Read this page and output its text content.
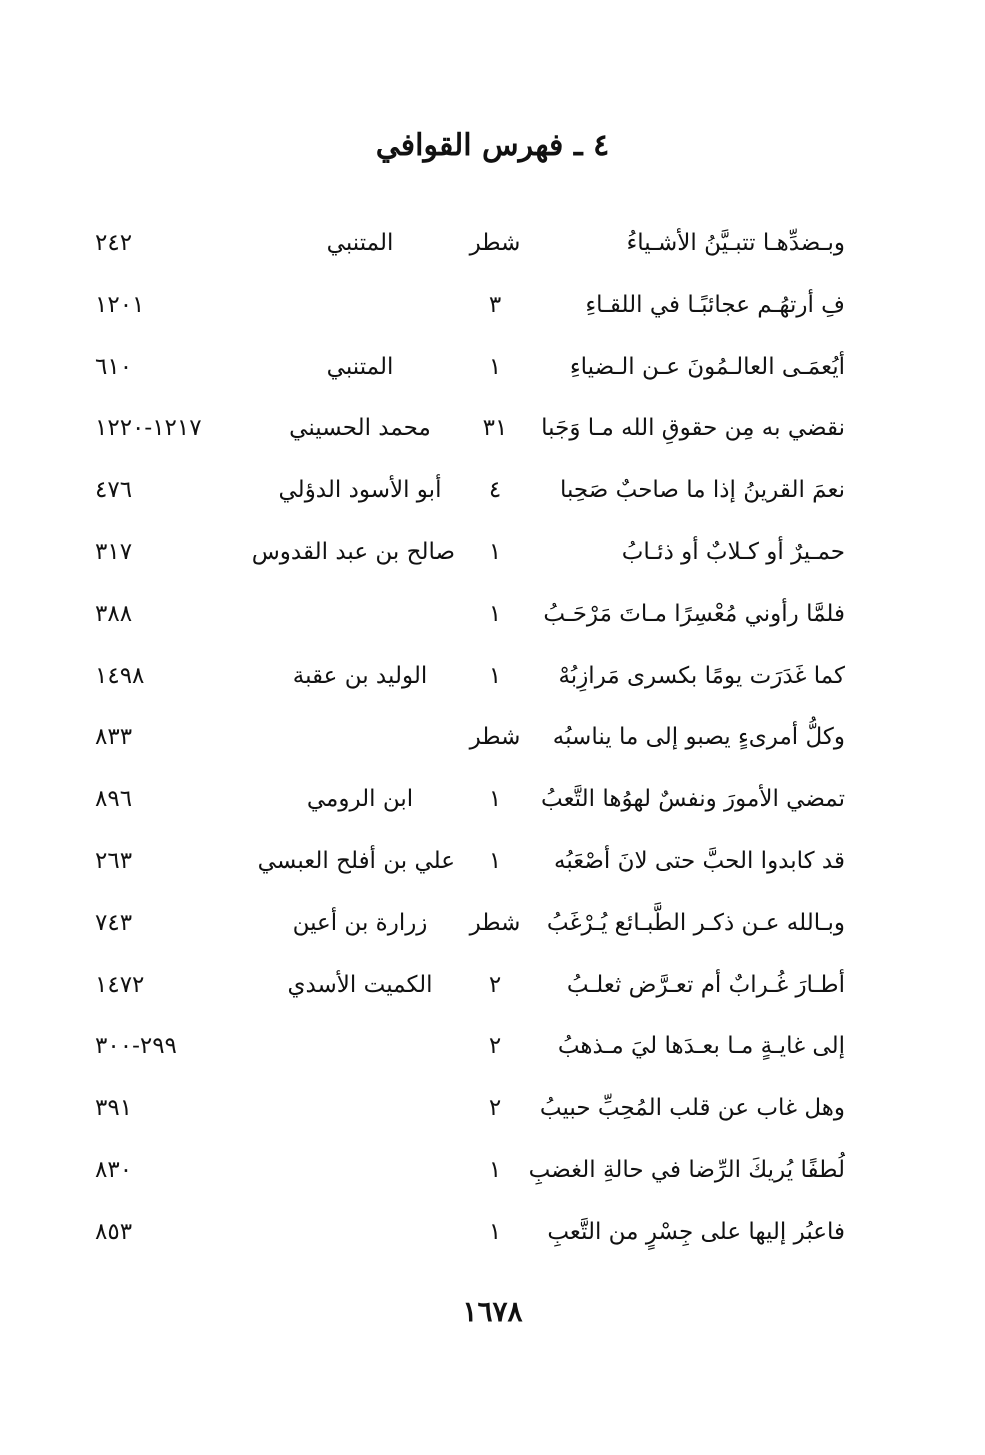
٤ ـ فهرس القوافي
وبـضدِّهـا تتبـيَّنُ الأشـياءُ
شطر
المتنبي
٢٤٢
فِ أرتهُـم عجائبًـا في اللقـاءِ
٣
١٢٠١
أيُعمَـى العالـمُونَ عـن الـضياءِ
١
المتنبي
٦١٠
نقضي به مِن حقوقِ الله مـا وَجَبا
٣١
محمد الحسيني
١٢١٧-١٢٢٠
نعمَ القرينُ إذا ما صاحبٌ صَحِبا
٤
أبو الأسود الدؤلي
٤٧٦
حمـيرٌ أو كـلابٌ أو ذئـابُ
١
صالح بن عبد القدوس
٣١٧
فلمَّا رأوني مُعْسِرًا مـاتَ مَرْحَـبُ
١
٣٨٨
كما غَدَرَت يومًا بكسرى مَرازِبُهْ
١
الوليد بن عقبة
١٤٩٨
وكلُّ أمرىءٍ يصبو إلى ما يناسبُه
شطر
٨٣٣
تمضي الأمورَ ونفسٌ لهوُها التَّعبُ
١
ابن الرومي
٨٩٦
قد كابدوا الحبَّ حتى لانَ أصْعَبُه
١
علي بن أفلح العبسي
٢٦٣
وبـالله عـن ذكـر الطَّبـائع يُـرْغَبُ
شطر
زرارة بن أعين
٧٤٣
أطـارَ غُـرابٌ أم تعـرَّض ثعلـبُ
٢
الكميت الأسدي
١٤٧٢
إلى غايـةٍ مـا بعـدَها ليَ مـذهبُ
٢
٢٩٩-٣٠٠
وهل غاب عن قلب المُحِبِّ حبيبُ
٢
٣٩١
لُطفًا يُريكَ الرِّضا في حالةِ الغضبِ
١
٨٣٠
فاعبُر إليها على جِسْرٍ من التَّعبِ
١
٨٥٣
١٦٧٨
